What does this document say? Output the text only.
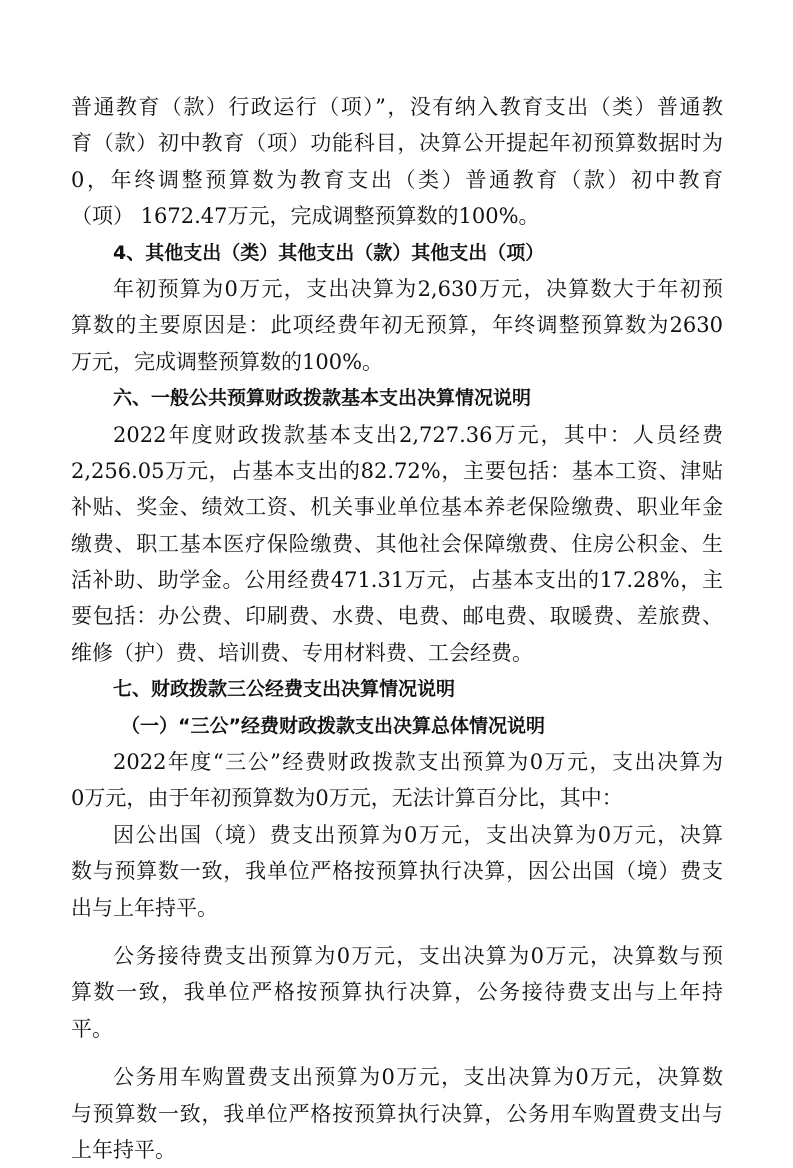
普通教育（款）行政运行（项）”，没有纳入教育支出（类）普通教
育（款）初中教育（项）功能科目，决算公开提起年初预算数据时为
0，年终调整预算数为教育支出（类）普通教育（款）初中教育
（项） 1672.47万元，完成调整预算数的100%。
4、其他支出（类）其他支出（款）其他支出（项）
年初预算为0万元，支出决算为2,630万元，决算数大于年初预
算数的主要原因是：此项经费年初无预算，年终调整预算数为2630
万元，完成调整预算数的100%。
六、一般公共预算财政拨款基本支出决算情况说明
2022年度财政拨款基本支出2,727.36万元，其中：人员经费
2,256.05万元，占基本支出的82.72%，主要包括：基本工资、津贴
补贴、奖金、绩效工资、机关事业单位基本养老保险缴费、职业年金
缴费、职工基本医疗保险缴费、其他社会保障缴费、住房公积金、生
活补助、助学金。公用经费471.31万元，占基本支出的17.28%，主
要包括：办公费、印刷费、水费、电费、邮电费、取暖费、差旅费、
维修（护）费、培训费、专用材料费、工会经费。
七、财政拨款三公经费支出决算情况说明
（一）“三公”经费财政拨款支出决算总体情况说明
2022年度“三公”经费财政拨款支出预算为0万元，支出决算为
0万元，由于年初预算数为0万元，无法计算百分比，其中：
因公出国（境）费支出预算为0万元，支出决算为0万元，决算
数与预算数一致，我单位严格按预算执行决算，因公出国（境）费支
出与上年持平。
公务接待费支出预算为0万元，支出决算为0万元，决算数与预
算数一致，我单位严格按预算执行决算，公务接待费支出与上年持
平。
公务用车购置费支出预算为0万元，支出决算为0万元，决算数
与预算数一致，我单位严格按预算执行决算，公务用车购置费支出与
上年持平。
